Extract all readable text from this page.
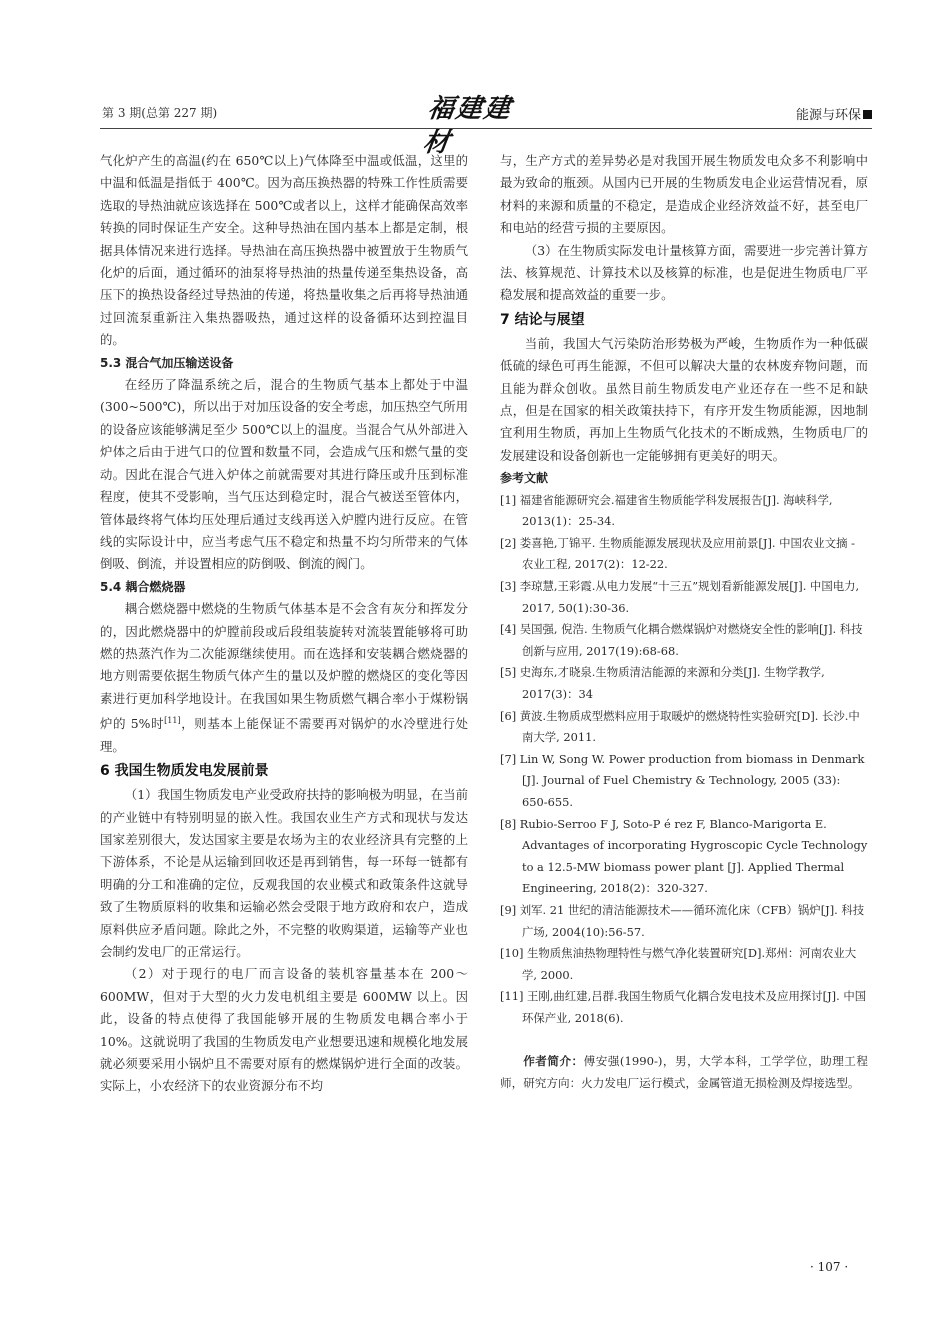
第 3 期(总第 227 期)	福建建材
能源与环保

气化炉产生的高温(约在 650℃以上)气体降至中温或低温，这里的中温和低温是指低于 400℃。因为高压换热器的特殊工作性质需要选取的导热油就应该选择在 500℃或者以上，这样才能确保高效率转换的同时保证生产安全。这种导热油在国内基本上都是定制，根据具体情况来进行选择。导热油在高压换热器中被置放于生物质气化炉的后面，通过循环的油泵将导热油的热量传递至集热设备，高压下的换热设备经过导热油的传递，将热量收集之后再将导热油通过回流泵重新注入集热器吸热，通过这样的设备循环达到控温目的。

5.3 混合气加压输送设备

在经历了降温系统之后，混合的生物质气基本上都处于中温(300~500℃)，所以出于对加压设备的安全考虑，加压热空气所用的设备应该能够满足至少 500℃以上的温度。当混合气从外部进入炉体之后由于进气口的位置和数量不同，会造成气压和燃气量的变动。因此在混合气进入炉体之前就需要对其进行降压或升压到标准程度，使其不受影响，当气压达到稳定时，混合气被送至管体内，管体最终将气体均压处理后通过支线再送入炉膛内进行反应。在管线的实际设计中，应当考虑气压不稳定和热量不均匀所带来的气体倒吸、倒流，并设置相应的防倒吸、倒流的阀门。

5.4 耦合燃烧器

耦合燃烧器中燃烧的生物质气体基本是不会含有灰分和挥发分的，因此燃烧器中的炉膛前段或后段组装旋转对流装置能够将可助燃的热蒸汽作为二次能源继续使用。而在选择和安装耦合燃烧器的地方则需要依据生物质气体产生的量以及炉膛的燃烧区的变化等因素进行更加科学地设计。在我国如果生物质燃气耦合率小于煤粉锅炉的 5%时[11]，则基本上能保证不需要再对锅炉的水冷壁进行处理。

6 我国生物质发电发展前景

（1）我国生物质发电产业受政府扶持的影响极为明显，在当前的产业链中有特别明显的嵌入性。我国农业生产方式和现状与发达国家差别很大，发达国家主要是农场为主的农业经济具有完整的上下游体系，不论是从运输到回收还是再到销售，每一环每一链都有明确的分工和准确的定位，反观我国的农业模式和政策条件这就导致了生物质原料的收集和运输必然会受限于地方政府和农户，造成原料供应矛盾问题。除此之外，不完整的收购渠道，运输等产业也会制约发电厂的正常运行。

（2）对于现行的电厂而言设备的装机容量基本在 200～600MW，但对于大型的火力发电机组主要是 600MW 以上。因此，设备的特点使得了我国能够开展的生物质发电耦合率小于 10%。这就说明了我国的生物质发电产业想要迅速和规模化地发展就必须要采用小锅炉且不需要对原有的燃煤锅炉进行全面的改装。实际上，小农经济下的农业资源分布不均

与，生产方式的差异势必是对我国开展生物质发电众多不利影响中最为致命的瓶颈。从国内已开展的生物质发电企业运营情况看，原材料的来源和质量的不稳定，是造成企业经济效益不好，甚至电厂和电站的经营亏损的主要原因。

（3）在生物质实际发电计量核算方面，需要进一步完善计算方法、核算规范、计算技术以及核算的标准，也是促进生物质电厂平稳发展和提高效益的重要一步。

7 结论与展望

当前，我国大气污染防治形势极为严峻，生物质作为一种低碳低硫的绿色可再生能源，不但可以解决大量的农林废弃物问题，而且能为群众创收。虽然目前生物质发电产业还存在一些不足和缺点，但是在国家的相关政策扶持下，有序开发生物质能源，因地制宜利用生物质，再加上生物质气化技术的不断成熟，生物质电厂的发展建设和设备创新也一定能够拥有更美好的明天。

参考文献
[1] 福建省能源研究会.福建省生物质能学科发展报告[J]. 海峡科学, 2013(1)：25-34.
[2] 娄喜艳,丁锦平. 生物质能源发展现状及应用前景[J]. 中国农业文摘 - 农业工程, 2017(2)：12-22.
[3] 李琼慧,王彩霞.从电力发展“十三五”规划看新能源发展[J]. 中国电力, 2017, 50(1):30-36.
[4] 吴国强, 倪浩. 生物质气化耦合燃煤锅炉对燃烧安全性的影响[J]. 科技创新与应用, 2017(19):68-68.
[5] 史海东,才晓泉.生物质清洁能源的来源和分类[J]. 生物学教学, 2017(3)：34
[6] 黄波.生物质成型燃料应用于取暖炉的燃烧特性实验研究[D]. 长沙.中南大学, 2011.
[7] Lin W, Song W. Power production from biomass in Denmark [J]. Journal of Fuel Chemistry & Technology, 2005 (33): 650-655.
[8] Rubio-Serroo F J, Soto-P é rez F, Blanco-Marigorta E. Advantages of incorporating Hygroscopic Cycle Technology to a 12.5-MW biomass power plant [J]. Applied Thermal Engineering, 2018(2)：320-327.
[9] 刘军. 21 世纪的清洁能源技术——循环流化床（CFB）锅炉[J]. 科技广场, 2004(10):56-57.
[10] 生物质焦油热物理特性与燃气净化装置研究[D].郑州：河南农业大学, 2000.
[11] 王刚,曲红建,吕群.我国生物质气化耦合发电技术及应用探讨[J]. 中国环保产业, 2018(6).
作者简介：傅安强(1990-)，男，大学本科，工学学位，助理工程师，研究方向：火力发电厂运行模式，金属管道无损检测及焊接选型。
· 107 ·
